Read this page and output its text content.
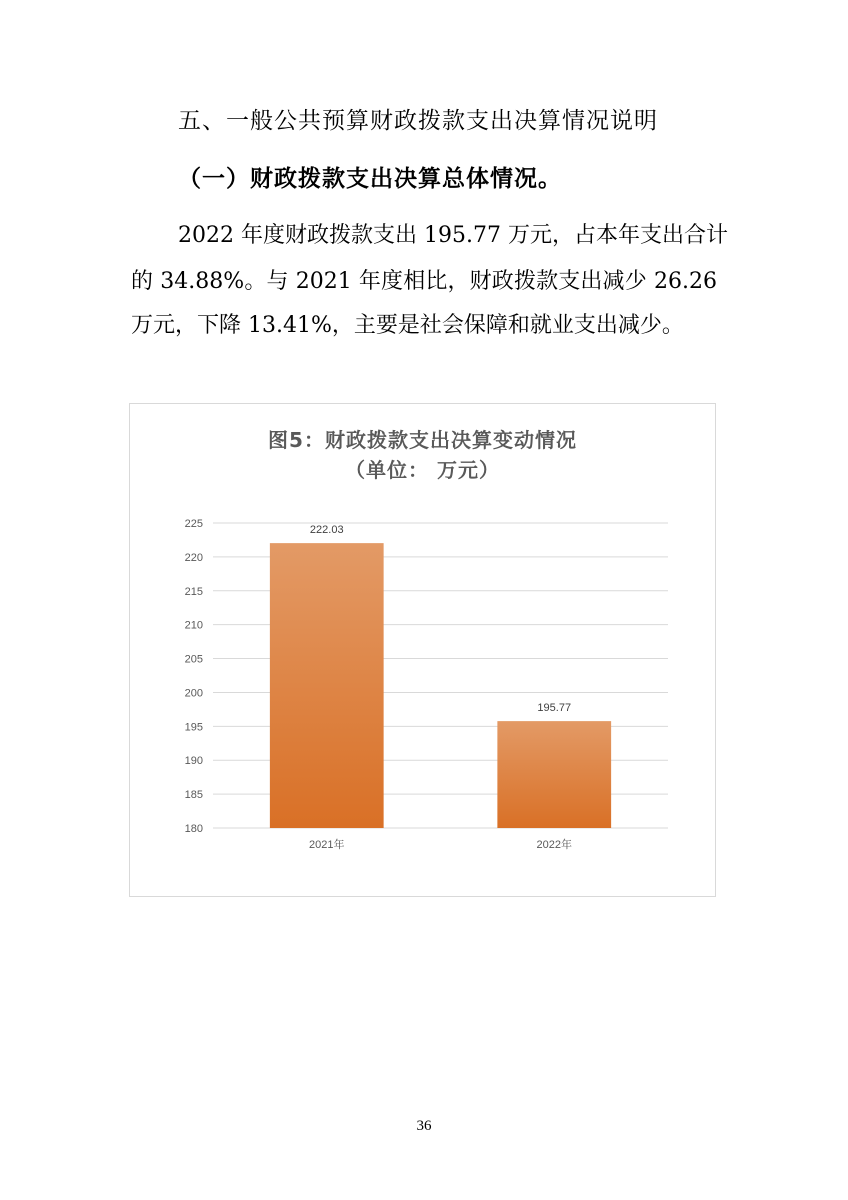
五、一般公共预算财政拨款支出决算情况说明
（一）财政拨款支出决算总体情况。
2022 年度财政拨款支出 195.77 万元，占本年支出合计
的 34.88%。与 2021 年度相比，财政拨款支出减少 26.26
万元，下降 13.41%，主要是社会保障和就业支出减少。
图5：财政拨款支出决算变动情况
（单位： 万元）
180
185
190
195
200
205
210
215
220
225
222.03
2021年
195.77
2022年
36
